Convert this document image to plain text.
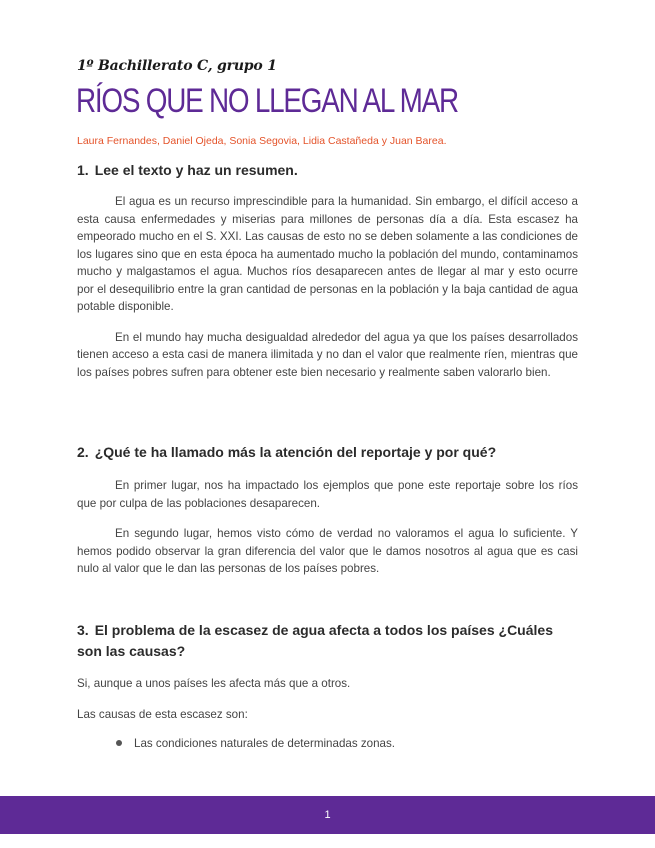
1º Bachillerato C, grupo 1
RÍOS QUE NO LLEGAN AL MAR
Laura Fernandes, Daniel Ojeda, Sonia Segovia, Lidia Castañeda y Juan Barea.
1. Lee el texto y haz un resumen.

El agua es un recurso imprescindible para la humanidad. Sin embargo, el difícil acceso a esta causa enfermedades y miserias para millones de personas día a día. Esta escasez ha empeorado mucho en el S. XXI. Las causas de esto no se deben solamente a las condiciones de los lugares sino que en esta época ha aumentado mucho la población del mundo, contaminamos mucho y malgastamos el agua. Muchos ríos desaparecen antes de llegar al mar y esto ocurre por el desequilibrio entre la gran cantidad de personas en la población y la baja cantidad de agua potable disponible.

En el mundo hay mucha desigualdad alrededor del agua ya que los países desarrollados tienen acceso a esta casi de manera ilimitada y no dan el valor que realmente ríen, mientras que los países pobres sufren para obtener este bien necesario y realmente saben valorarlo bien.

2. ¿Qué te ha llamado más la atención del reportaje y por qué?

En primer lugar, nos ha impactado los ejemplos que pone este reportaje sobre los ríos que por culpa de las poblaciones desaparecen.

En segundo lugar, hemos visto cómo de verdad no valoramos el agua lo suficiente. Y hemos podido observar la gran diferencia del valor que le damos nosotros al agua que es casi nulo al valor que le dan las personas de los países pobres.

3. El problema de la escasez de agua afecta a todos los países ¿Cuáles son las causas?

Si, aunque a unos países les afecta más que a otros.

Las causas de esta escasez son:

Las condiciones naturales de determinadas zonas.
1
